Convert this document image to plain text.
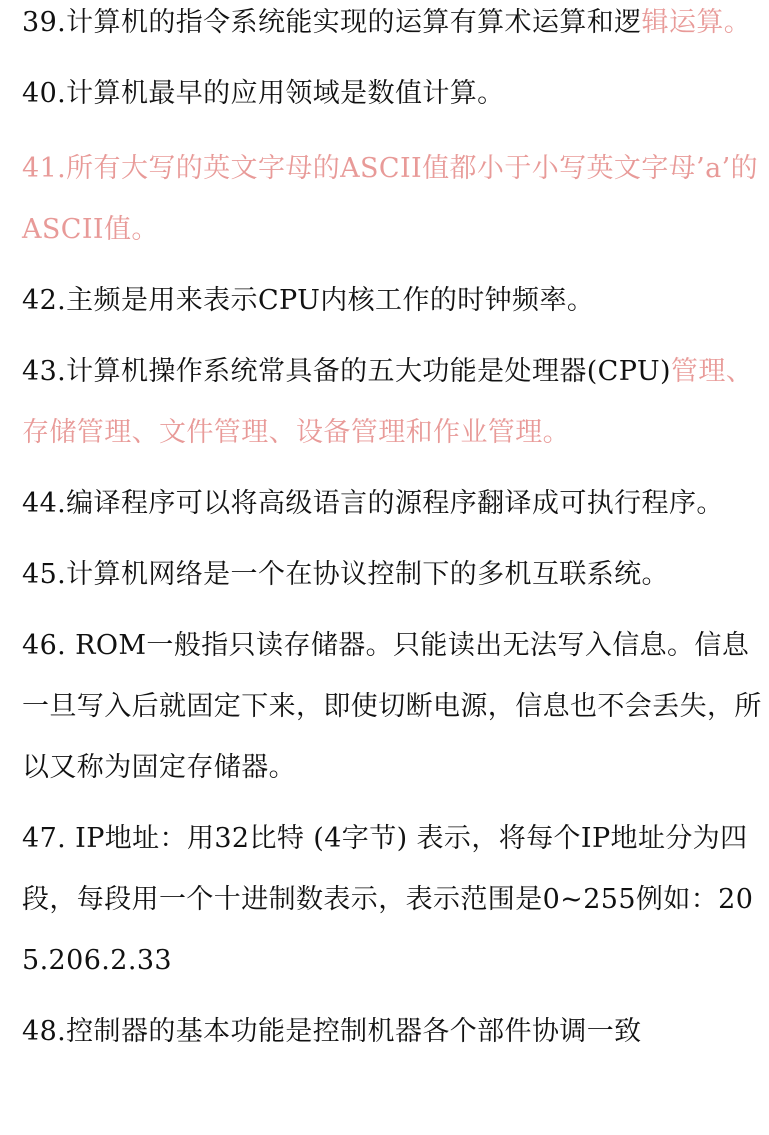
39.计算机的指令系统能实现的运算有算术运算和逻辑运算。

40.计算机最早的应用领域是数值计算。

41.所有大写的英文字母的ASCII值都小于小写英文字母’a’的ASCII值。

42.主频是用来表示CPU内核工作的时钟频率。

43.计算机操作系统常具备的五大功能是处理器(CPU)管理、存储管理、文件管理、设备管理和作业管理。

44.编译程序可以将高级语言的源程序翻译成可执行程序。

45.计算机网络是一个在协议控制下的多机互联系统。

46. ROM一般指只读存储器。只能读出无法写入信息。信息一旦写入后就固定下来，即使切断电源，信息也不会丢失，所以又称为固定存储器。

47. IP地址：用32比特 (4字节) 表示，将每个IP地址分为四段，每段用一个十进制数表示，表示范围是0~255例如：205.206.2.33

48.控制器的基本功能是控制机器各个部件协调一致
